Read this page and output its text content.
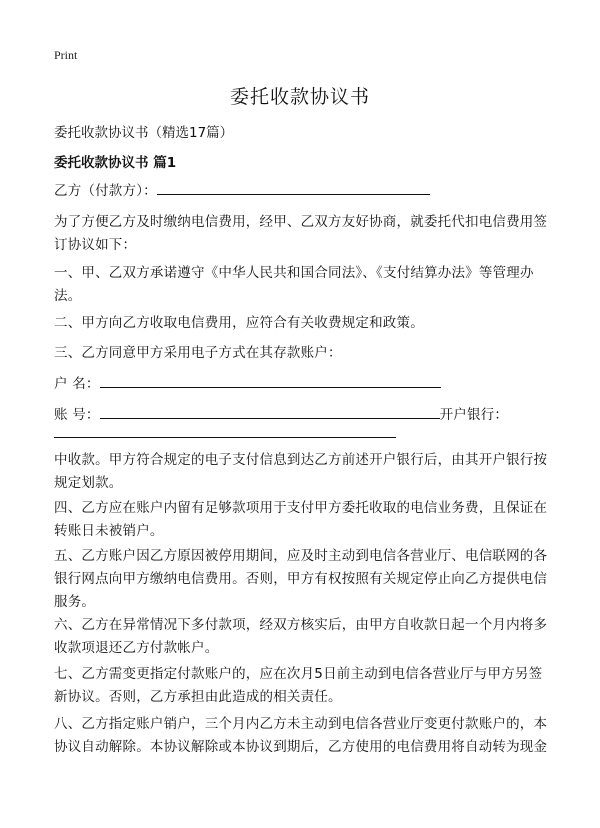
Print
委托收款协议书
委托收款协议书（精选17篇）
委托收款协议书 篇1
乙方（付款方）：
为了方便乙方及时缴纳电信费用，经甲、乙双方友好协商，就委托代扣电信费用签订协议如下：
一、甲、乙双方承诺遵守《中华人民共和国合同法》、《支付结算办法》等管理办法。
二、甲方向乙方收取电信费用，应符合有关收费规定和政策。
三、乙方同意甲方采用电子方式在其存款账户：
户 名：
账 号：	开户银行：
中收款。甲方符合规定的电子支付信息到达乙方前述开户银行后，由其开户银行按规定划款。
四、乙方应在账户内留有足够款项用于支付甲方委托收取的电信业务费，且保证在转账日未被销户。
五、乙方账户因乙方原因被停用期间，应及时主动到电信各营业厅、电信联网的各银行网点向甲方缴纳电信费用。否则，甲方有权按照有关规定停止向乙方提供电信服务。
六、乙方在异常情况下多付款项，经双方核实后，由甲方自收款日起一个月内将多收款项退还乙方付款帐户。
七、乙方需变更指定付款账户的，应在次月5日前主动到电信各营业厅与甲方另签新协议。否则，乙方承担由此造成的相关责任。
八、乙方指定账户销户，三个月内乙方未主动到电信各营业厅变更付款账户的，本协议自动解除。本协议解除或本协议到期后，乙方使用的电信费用将自动转为现金
